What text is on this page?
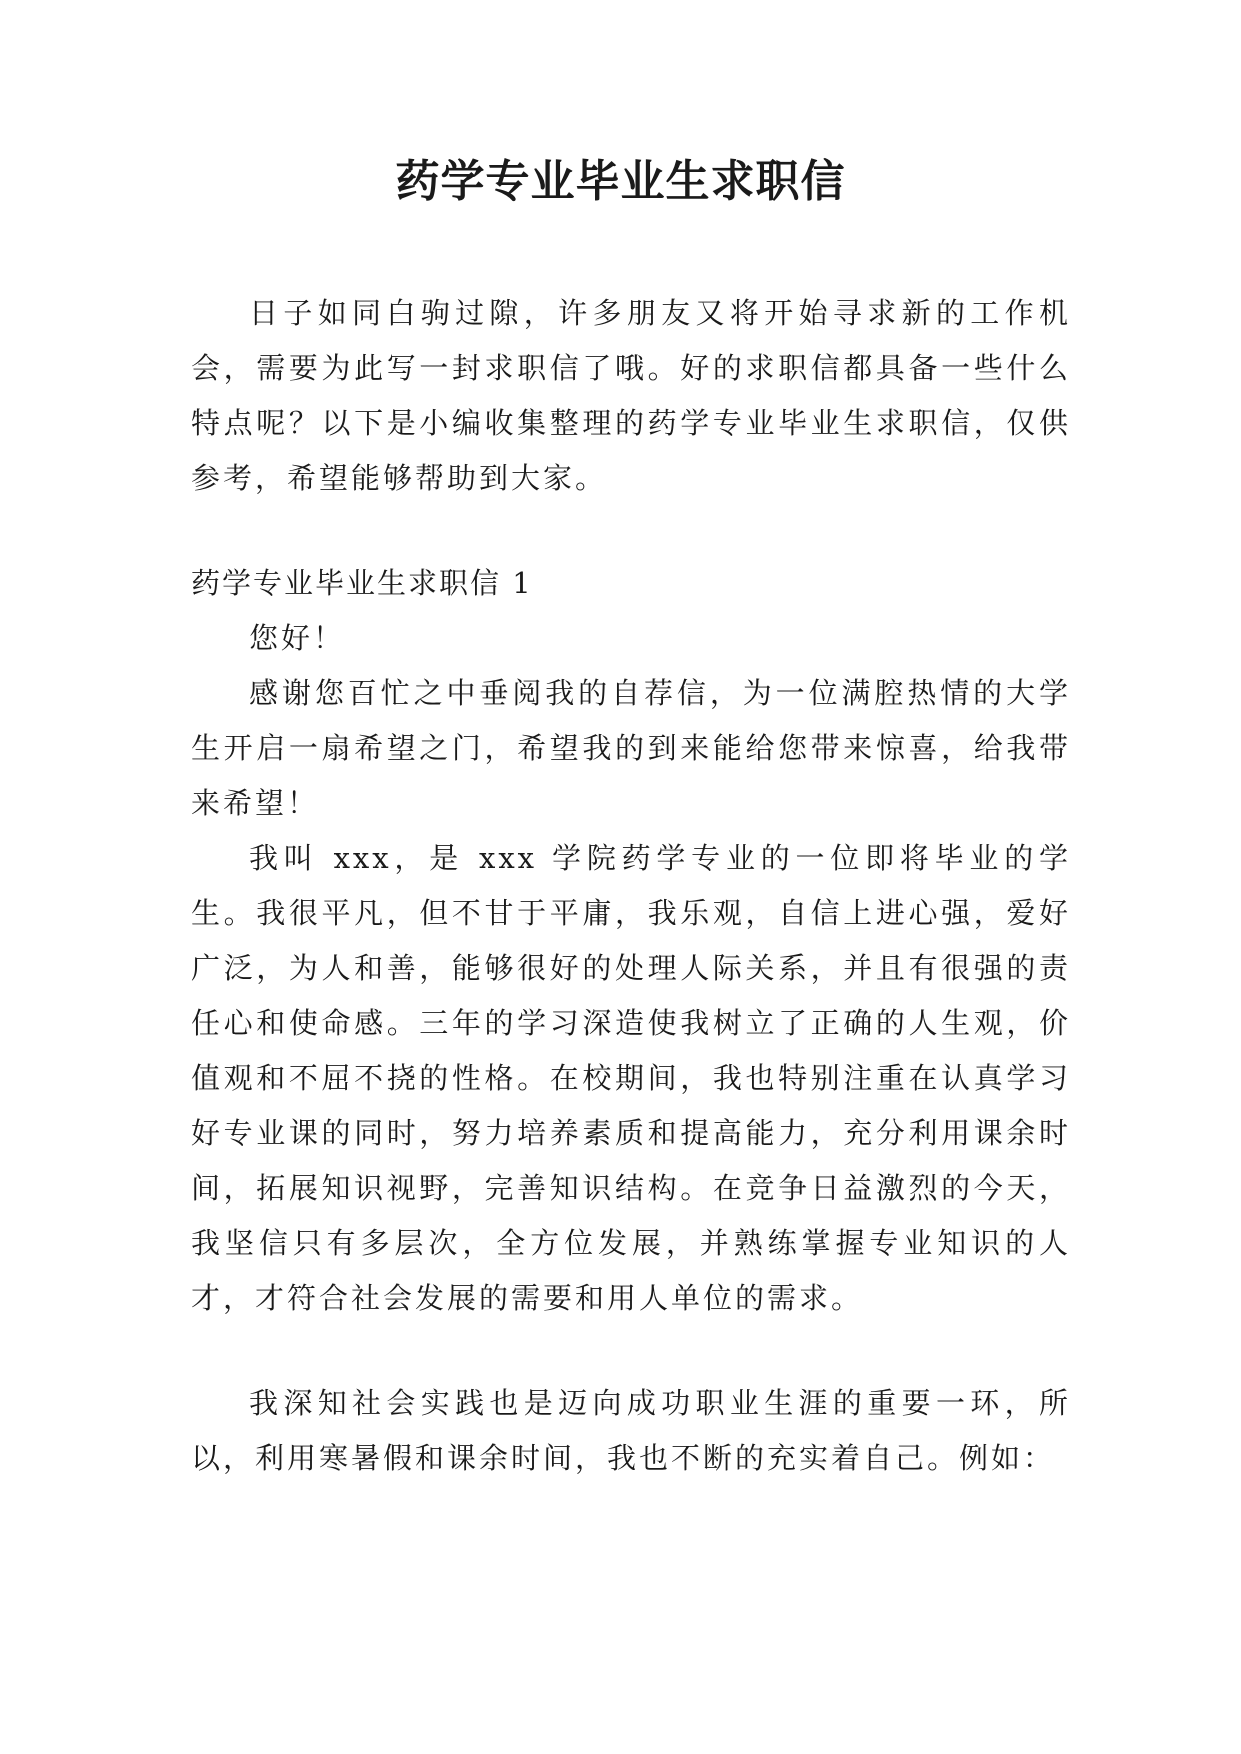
药学专业毕业生求职信

日子如同白驹过隙，许多朋友又将开始寻求新的工作机会，需要为此写一封求职信了哦。好的求职信都具备一些什么特点呢？以下是小编收集整理的药学专业毕业生求职信，仅供参考，希望能够帮助到大家。

药学专业毕业生求职信 1

您好！

感谢您百忙之中垂阅我的自荐信，为一位满腔热情的大学生开启一扇希望之门，希望我的到来能给您带来惊喜，给我带来希望！

我叫 xxx，是 xxx 学院药学专业的一位即将毕业的学生。我很平凡，但不甘于平庸，我乐观，自信上进心强，爱好广泛，为人和善，能够很好的处理人际关系，并且有很强的责任心和使命感。三年的学习深造使我树立了正确的人生观，价值观和不屈不挠的性格。在校期间，我也特别注重在认真学习好专业课的同时，努力培养素质和提高能力，充分利用课余时间，拓展知识视野，完善知识结构。在竞争日益激烈的今天，我坚信只有多层次，全方位发展，并熟练掌握专业知识的人才，才符合社会发展的需要和用人单位的需求。

我深知社会实践也是迈向成功职业生涯的重要一环，所以，利用寒暑假和课余时间，我也不断的充实着自己。例如：
